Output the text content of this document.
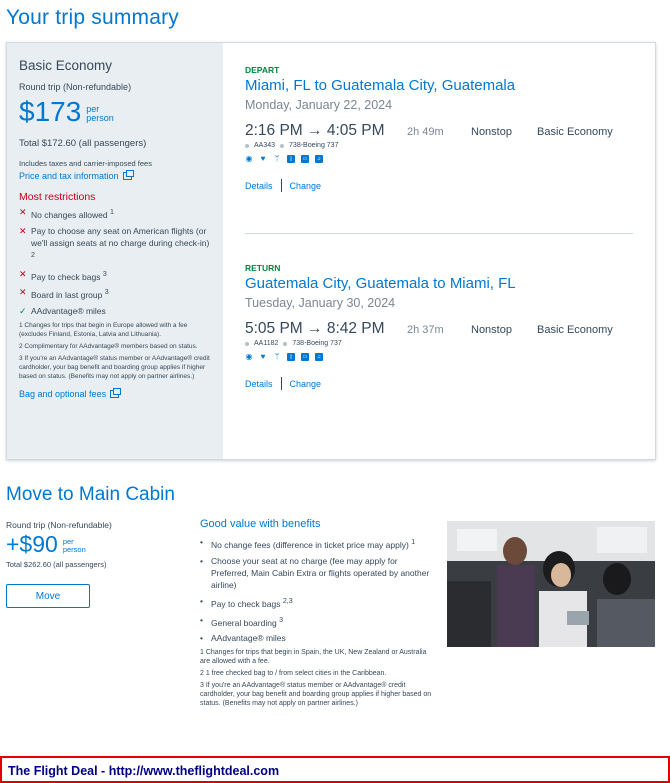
Your trip summary
Basic Economy
Round trip (Non-refundable)
$173 per
person
Total $172.60 (all passengers)
Includes taxes and carrier-imposed fees
Price and tax information
Most restrictions
✕ No changes allowed $^1$
✕ Pay to choose any seat on American flights (or we'll assign seats at no charge during check-in) $^2$
✕ Pay to check bags $^3$
✕ Board in last group $^3$
✓ AAdvantage® miles

1 Changes for trips that begin in Europe allowed with a fee (excludes Finland, Estonia, Latvia and Lithuania).

2 Complimentary for AAdvantage® members based on status.

3 If you're an AAdvantage® status member or AAdvantage® credit cardholder, your bag benefit and boarding group applies if higher based on status. (Benefits may not apply on partner airlines.)

Bag and optional fees
DEPART
Miami, FL to Guatemala City, Guatemala
Monday, January 22, 2024
2:16 PM → 4:05 PM	2h 49m	Nonstop	Basic Economy
AA343 738-Boeing 737
◉ ♥ ᛘ	▯	▭	♫
Details Change
RETURN
Guatemala City, Guatemala to Miami, FL
Tuesday, January 30, 2024
5:05 PM → 8:42 PM	2h 37m	Nonstop	Basic Economy
AA1182 738-Boeing 737
◉ ♥ ᛘ	▯	▭	♫
Details Change
Move to Main Cabin
Round trip (Non-refundable)
+$90 per
person
Total $262.60 (all passengers)
Move
Good value with benefits
• No change fees (difference in ticket price may apply) $^1$
• Choose your seat at no charge (fee may apply for Preferred, Main Cabin Extra or flights operated by another airline)
• Pay to check bags $^{2,3}$
• General boarding $^3$
• AAdvantage® miles

1 Changes for trips that begin in Spain, the UK, New Zealand or Australia are allowed with a fee.

2 1 free checked bag to / from select cities in the Caribbean.

3 If you're an AAdvantage® status member or AAdvantage® credit cardholder, your bag benefit and boarding group applies if higher based on status. (Benefits may not apply on partner airlines.)

The Flight Deal - http://www.theflightdeal.com
